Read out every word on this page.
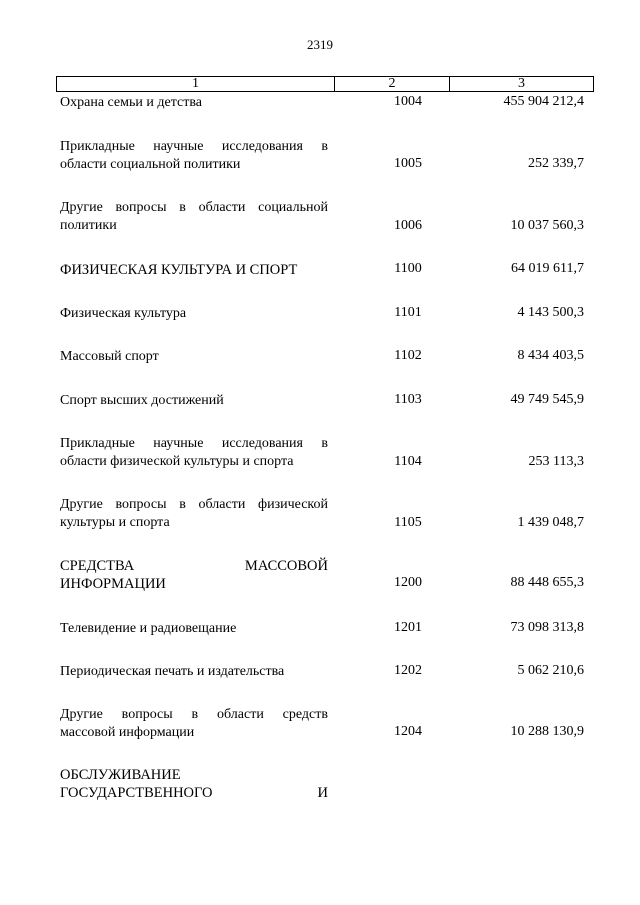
2319
1	2	3
Охрана семьи и детства	1004	455 904 212,4
Прикладные научные исследования в
области социальной политики	1005	252 339,7
Другие вопросы в области социальной
политики	1006	10 037 560,3
ФИЗИЧЕСКАЯ КУЛЬТУРА И СПОРТ	1100	64 019 611,7
Физическая культура	1101	4 143 500,3
Массовый спорт	1102	8 434 403,5
Спорт высших достижений	1103	49 749 545,9
Прикладные научные исследования в
области физической культуры и спорта	1104	253 113,3
Другие вопросы в области физической
культуры и спорта	1105	1 439 048,7
СРЕДСТВА МАССОВОЙ
ИНФОРМАЦИИ	1200	88 448 655,3
Телевидение и радиовещание	1201	73 098 313,8
Периодическая печать и издательства	1202	5 062 210,6
Другие вопросы в области средств
массовой информации	1204	10 288 130,9
ОБСЛУЖИВАНИЕ
ГОСУДАРСТВЕННОГО И
